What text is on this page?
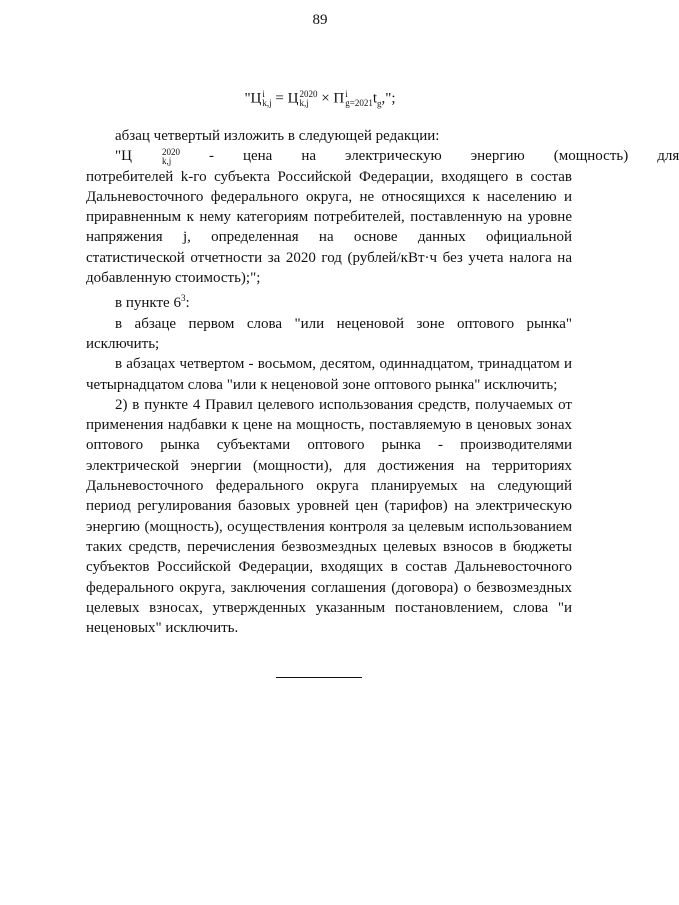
89
"Ц i
k,j = Ц 2020
k,j × П i
g=2021 $t_g$,";

абзац четвертый изложить в следующей редакции:

"Ц	2020
k,j	-	цена	на	электрическую	энергию	(мощность)	для

потребителей k-го субъекта Российской Федерации, входящего в состав Дальневосточного федерального округа, не относящихся к населению и приравненным к нему категориям потребителей, поставленную на уровне напряжения j, определенная на основе данных официальной статистической отчетности за 2020 год (рублей/кВт·ч без учета налога на добавленную стоимость);";

в пункте $6^3$:

в абзаце первом слова "или неценовой зоне оптового рынка" исключить;

в абзацах четвертом - восьмом, десятом, одиннадцатом, тринадцатом и четырнадцатом слова "или к неценовой зоне оптового рынка" исключить;

2) в пункте 4 Правил целевого использования средств, получаемых от применения надбавки к цене на мощность, поставляемую в ценовых зонах оптового рынка субъектами оптового рынка - производителями электрической энергии (мощности), для достижения на территориях Дальневосточного федерального округа планируемых на следующий период регулирования базовых уровней цен (тарифов) на электрическую энергию (мощность), осуществления контроля за целевым использованием таких средств, перечисления безвозмездных целевых взносов в бюджеты субъектов Российской Федерации, входящих в состав Дальневосточного федерального округа, заключения соглашения (договора) о безвозмездных целевых взносах, утвержденных указанным постановлением, слова "и неценовых" исключить.
